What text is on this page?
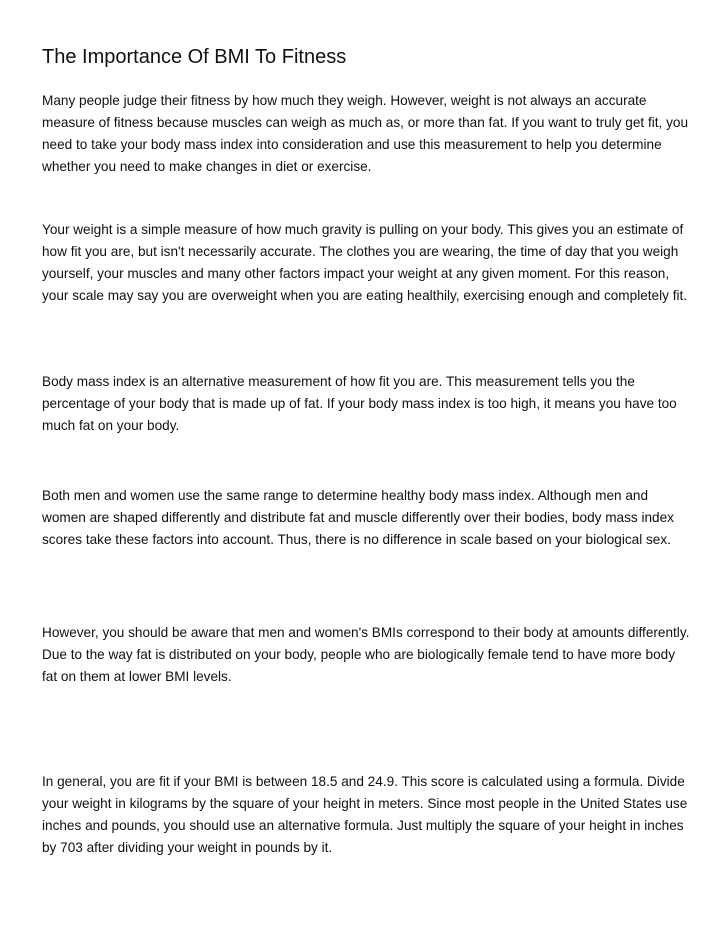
The Importance Of BMI To Fitness

Many people judge their fitness by how much they weigh. However, weight is not always an accurate measure of fitness because muscles can weigh as much as, or more than fat. If you want to truly get fit, you need to take your body mass index into consideration and use this measurement to help you determine whether you need to make changes in diet or exercise.

Your weight is a simple measure of how much gravity is pulling on your body. This gives you an estimate of how fit you are, but isn't necessarily accurate. The clothes you are wearing, the time of day that you weigh yourself, your muscles and many other factors impact your weight at any given moment. For this reason, your scale may say you are overweight when you are eating healthily, exercising enough and completely fit.

Body mass index is an alternative measurement of how fit you are. This measurement tells you the percentage of your body that is made up of fat. If your body mass index is too high, it means you have too much fat on your body.

Both men and women use the same range to determine healthy body mass index. Although men and women are shaped differently and distribute fat and muscle differently over their bodies, body mass index scores take these factors into account. Thus, there is no difference in scale based on your biological sex.

However, you should be aware that men and women's BMIs correspond to their body at amounts differently. Due to the way fat is distributed on your body, people who are biologically female tend to have more body fat on them at lower BMI levels.

In general, you are fit if your BMI is between 18.5 and 24.9. This score is calculated using a formula. Divide your weight in kilograms by the square of your height in meters. Since most people in the United States use inches and pounds, you should use an alternative formula. Just multiply the square of your height in inches by 703 after dividing your weight in pounds by it.
